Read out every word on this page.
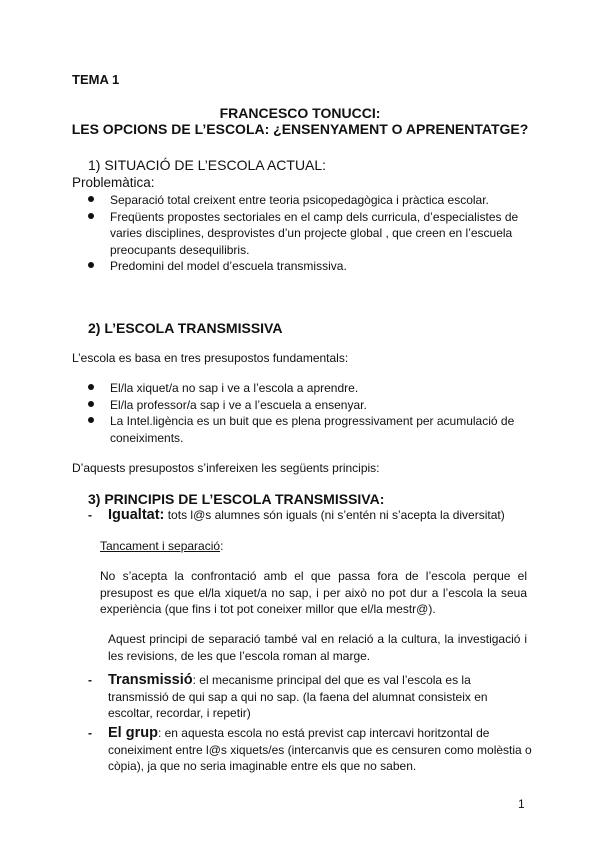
TEMA 1
FRANCESCO TONUCCI:
LES OPCIONS DE L’ESCOLA: ¿ENSENYAMENT O APRENENTATGE?
1) SITUACIÓ DE L’ESCOLA ACTUAL:
Problemàtica:
Separació total creixent entre teoria psicopedagògica i pràctica escolar.
Freqüents propostes sectoriales en el camp dels curricula, d’especialistes de varies disciplines, desprovistes d’un projecte global , que creen en l’escuela preocupants desequilibris.
Predomini del model d’escuela transmissiva.
2) L’ESCOLA TRANSMISSIVA
L’escola es basa en tres presupostos fundamentals:
El/la xiquet/a no sap i ve a l’escola a aprendre.
El/la professor/a sap i ve a l’escuela a ensenyar.
La Intel.ligència es un buit que es plena progressivament per acumulació de coneiximents.
D’aquests presupostos s’infereixen les següents principis:
3) PRINCIPIS DE L’ESCOLA TRANSMISSIVA:
- Igualtat: tots l@s alumnes són iguals (ni s’entén ni s’acepta la diversitat)
Tancament i separació:
No s’acepta la confrontació amb el que passa fora de l’escola perque el presupost es que el/la xiquet/a no sap, i per això no pot dur a l’escola la seua experiència (que fins i tot pot coneixer millor que el/la mestr@).
Aquest principi de separació també val en relació a la cultura, la investigació i les revisions, de les que l’escola roman al marge.
- Transmissió: el mecanisme principal del que es val l’escola es la transmissió de qui sap a qui no sap. (la faena del alumnat consisteix en escoltar, recordar, i repetir)
- El grup: en aquesta escola no está previst cap intercavi horitzontal de coneiximent entre l@s xiquets/es (intercanvis que es censuren como molèstia o còpia), ja que no seria imaginable entre els que no saben.
1
